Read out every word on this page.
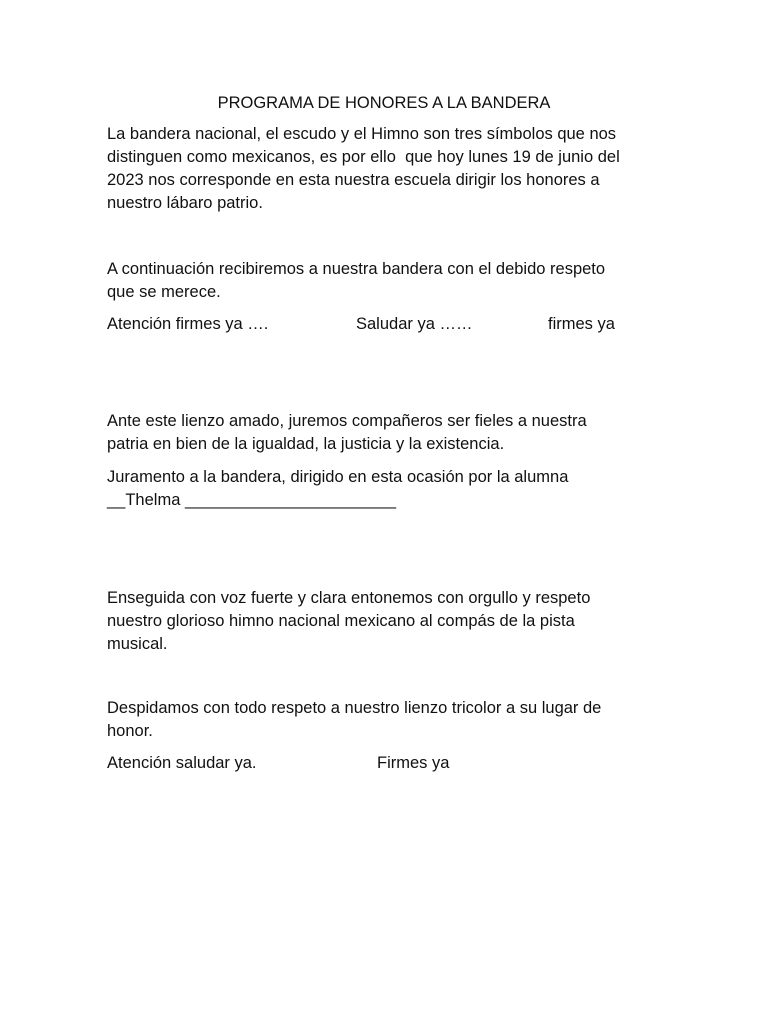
PROGRAMA DE HONORES A LA BANDERA

La bandera nacional, el escudo y el Himno son tres símbolos que nos

distinguen como mexicanos, es por ello  que hoy lunes 19 de junio del

2023 nos corresponde en esta nuestra escuela dirigir los honores a

nuestro lábaro patrio.

A continuación recibiremos a nuestra bandera con el debido respeto

que se merece.

Atención firmes ya ….	Saludar ya ……	firmes ya

Ante este lienzo amado, juremos compañeros ser fieles a nuestra

patria en bien de la igualdad, la justicia y la existencia.

Juramento a la bandera, dirigido en esta ocasión por la alumna

__Thelma _______________________

Enseguida con voz fuerte y clara entonemos con orgullo y respeto

nuestro glorioso himno nacional mexicano al compás de la pista

musical.

Despidamos con todo respeto a nuestro lienzo tricolor a su lugar de

honor.

Atención saludar ya.	Firmes ya
